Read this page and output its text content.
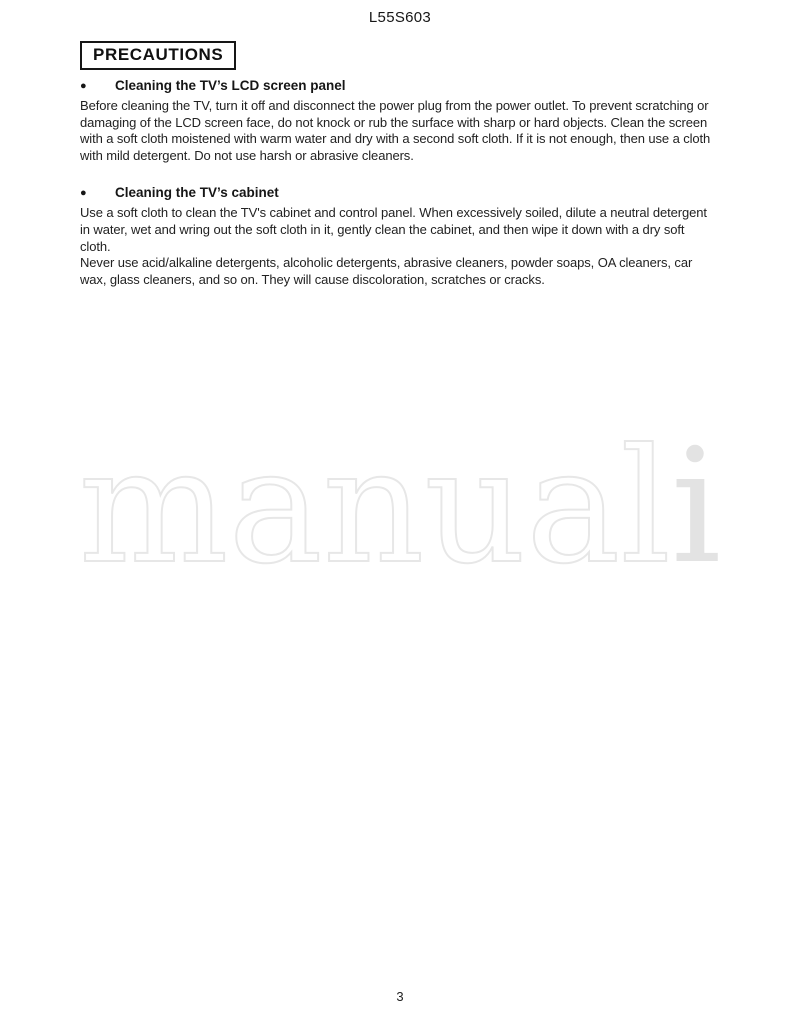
L55S603
PRECAUTIONS
●	Cleaning the TV’s LCD screen panel

Before cleaning the TV, turn it off and disconnect the power plug from the power outlet. To prevent scratching or damaging of the LCD screen face, do not knock or rub the surface with sharp or hard objects. Clean the screen with a soft cloth moistened with warm water and dry with a second soft cloth. If it is not enough, then use a cloth with mild detergent. Do not use harsh or abrasive cleaners.

●	Cleaning the TV’s cabinet

Use a soft cloth to clean the TV's cabinet and control panel. When excessively soiled, dilute a neutral detergent in water, wet and wring out the soft cloth in it, gently clean the cabinet, and then wipe it down with a dry soft cloth.

Never use acid/alkaline detergents, alcoholic detergents, abrasive cleaners, powder soaps, OA cleaners, car wax, glass cleaners, and so on. They will cause discoloration, scratches or cracks.

manuali
3
